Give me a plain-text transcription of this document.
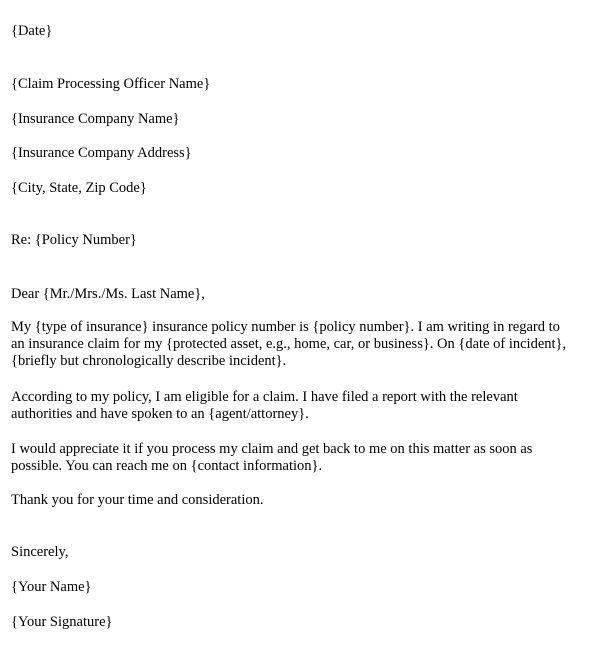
{Date}
{Claim Processing Officer Name}
{Insurance Company Name}
{Insurance Company Address}
{City, State, Zip Code}
Re: {Policy Number}
Dear {Mr./Mrs./Ms. Last Name},
My {type of insurance} insurance policy number is {policy number}. I am writing in regard to
an insurance claim for my {protected asset, e.g., home, car, or business}. On {date of incident},
{briefly but chronologically describe incident}.
According to my policy, I am eligible for a claim. I have filed a report with the relevant
authorities and have spoken to an {agent/attorney}.
I would appreciate it if you process my claim and get back to me on this matter as soon as
possible. You can reach me on {contact information}.
Thank you for your time and consideration.
Sincerely,
{Your Name}
{Your Signature}
